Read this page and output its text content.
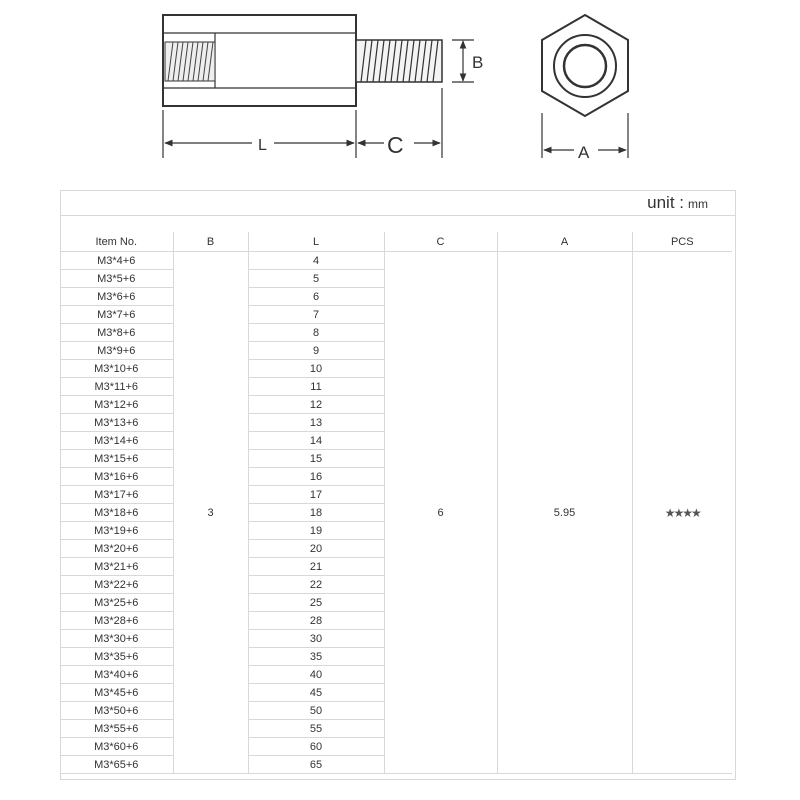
B
L	C	A
unit : mm
Item No.	B	L	C	A	PCS
M3*4+6	3	4	6	5.95	★★★★
M3*5+6		5			
M3*6+6		6			
M3*7+6		7			
M3*8+6		8			
M3*9+6		9			
M3*10+6		10			
M3*11+6		11			
M3*12+6		12			
M3*13+6		13			
M3*14+6		14			
M3*15+6		15			
M3*16+6		16			
M3*17+6		17			
M3*18+6		18			
M3*19+6		19			
M3*20+6		20			
M3*21+6		21			
M3*22+6		22			
M3*25+6		25			
M3*28+6		28			
M3*30+6		30			
M3*35+6		35			
M3*40+6		40			
M3*45+6		45			
M3*50+6		50			
M3*55+6		55			
M3*60+6		60			
M3*65+6		65			
